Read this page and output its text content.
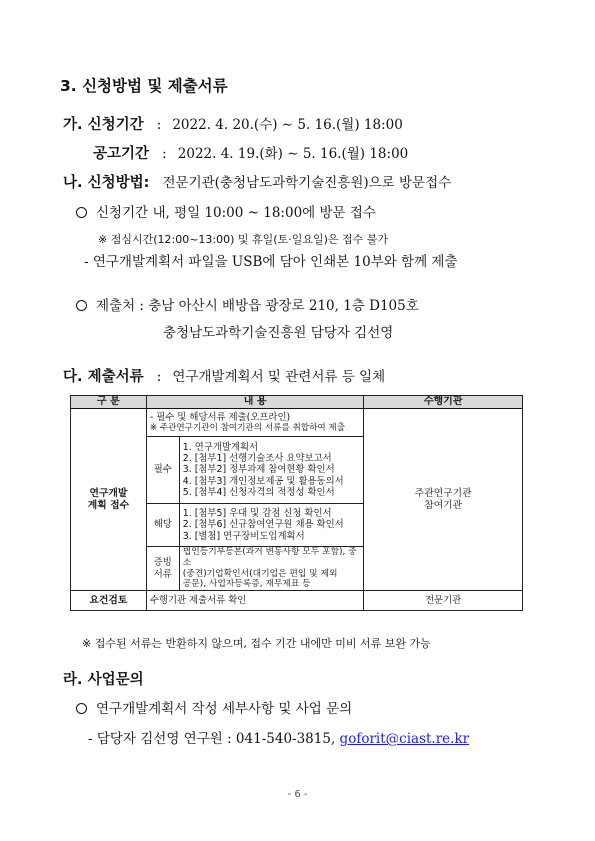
3. 신청방법 및 제출서류
가. 신청기간 : 2022. 4. 20.(수) ∼ 5. 16.(월) 18:00
공고기간 : 2022. 4. 19.(화) ∼ 5. 16.(월) 18:00
나. 신청방법: 전문기관(충청남도과학기술진흥원)으로 방문접수
신청기간 내, 평일 10:00 ~ 18:00에 방문 접수
※ 점심시간(12:00~13:00) 및 휴일(토·일요일)은 접수 불가
- 연구개발계획서 파일을 USB에 담아 인쇄본 10부와 함께 제출
제출처 : 충남 아산시 배방읍 광장로 210, 1층 D105호
충청남도과학기술진흥원 담당자 김선영
다. 제출서류 : 연구개발계획서 및 관련서류 등 일체
구 분	내 용		수행기관

연구개발
계획 접수	- 필수 및 해당서류 제출(오프라인)
※ 주관연구기관이 참여기관의 서류를 취합하여 제출		주관연구기관
참여기관

	필수	1. 연구개발계획서
2. [첨부1] 선행기술조사 요약보고서
3. [첨부2] 정부과제 참여현황 확인서
4. [첨부3] 개인정보제공 및 활용동의서
5. [첨부4] 신청자격의 적정성 확인서	

	해당	1. [첨부5] 우대 및 감점 신청 확인서
2. [첨부6] 신규참여연구원 채용 확인서
3. [별첨] 연구장비도입계획서	

	증빙
서류	법인등기부등본(과거 변동사항 모두 포함), 중소
(중견)기업확인서(대기업은 편입 및 제외
공문), 사업자등록증, 재무제표 등	

요건검토	수행기관 제출서류 확인		전문기관
※ 접수된 서류는 반환하지 않으며, 접수 기간 내에만 미비 서류 보완 가능
라. 사업문의
연구개발계획서 작성 세부사항 및 사업 문의
- 담당자 김선영 연구원 : 041-540-3815, goforit@ciast.re.kr
- 6 -
